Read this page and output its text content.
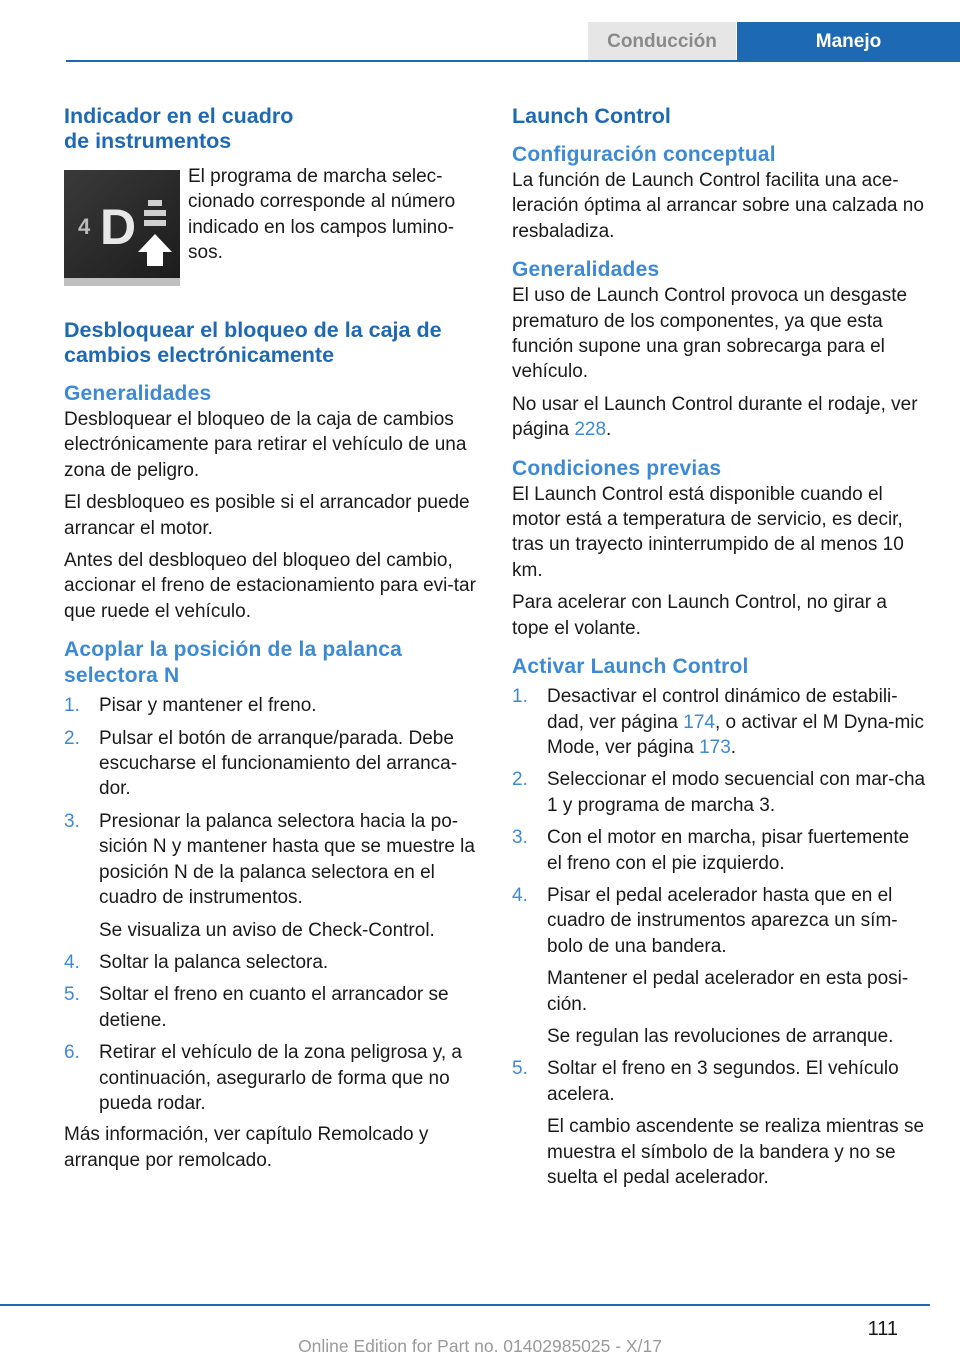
Conducción	Manejo
Indicador en el cuadro de instrumentos
4 D

El programa de marcha selec-cionado corresponde al número indicado en los campos lumino-sos.

Desbloquear el bloqueo de la caja de cambios electrónicamente
Generalidades

Desbloquear el bloqueo de la caja de cambios electrónicamente para retirar el vehículo de una zona de peligro.

El desbloqueo es posible si el arrancador puede arrancar el motor.

Antes del desbloqueo del bloqueo del cambio, accionar el freno de estacionamiento para evi-tar que ruede el vehículo.

Acoplar la posición de la palanca selectora N
1. Pisar y mantener el freno.
2. Pulsar el botón de arranque/parada. Debe escucharse el funcionamiento del arranca-dor.
3. Presionar la palanca selectora hacia la po-sición N y mantener hasta que se muestre la posición N de la palanca selectora en el cuadro de instrumentos.
Se visualiza un aviso de Check-Control.
4. Soltar la palanca selectora.
5. Soltar el freno en cuanto el arrancador se detiene.
6. Retirar el vehículo de la zona peligrosa y, a continuación, asegurarlo de forma que no pueda rodar.

Más información, ver capítulo Remolcado y arranque por remolcado.

Launch Control
Configuración conceptual

La función de Launch Control facilita una ace-leración óptima al arrancar sobre una calzada no resbaladiza.

Generalidades

El uso de Launch Control provoca un desgaste prematuro de los componentes, ya que esta función supone una gran sobrecarga para el vehículo.

No usar el Launch Control durante el rodaje, ver página 228.

Condiciones previas

El Launch Control está disponible cuando el motor está a temperatura de servicio, es decir, tras un trayecto ininterrumpido de al menos 10 km.

Para acelerar con Launch Control, no girar a tope el volante.

Activar Launch Control
1. Desactivar el control dinámico de estabili-dad, ver página 174, o activar el M Dyna-mic Mode, ver página 173.
2. Seleccionar el modo secuencial con mar-cha 1 y programa de marcha 3.
3. Con el motor en marcha, pisar fuertemente el freno con el pie izquierdo.
4. Pisar el pedal acelerador hasta que en el cuadro de instrumentos aparezca un sím-bolo de una bandera.
Mantener el pedal acelerador en esta posi-ción.
Se regulan las revoluciones de arranque.
5. Soltar el freno en 3 segundos. El vehículo acelera.
El cambio ascendente se realiza mientras se muestra el símbolo de la bandera y no se suelta el pedal acelerador.
111
Online Edition for Part no. 01402985025 - X/17
